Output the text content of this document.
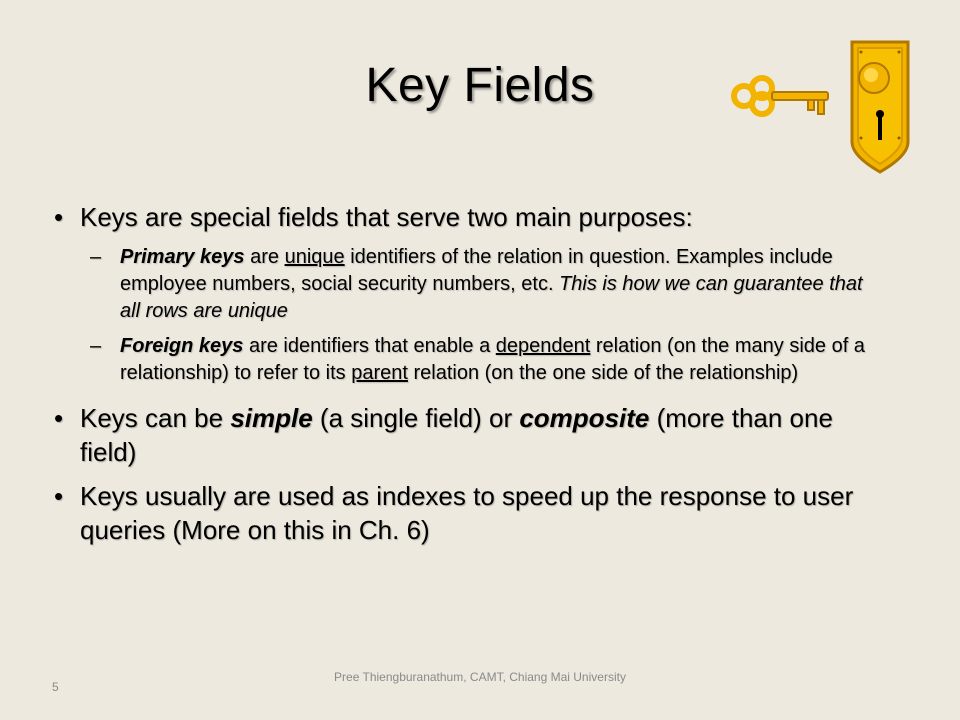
Key Fields
• Keys are special fields that serve two main purposes:
– Primary keys are unique identifiers of the relation in question. Examples include employee numbers, social security numbers, etc. This is how we can guarantee that all rows are unique
– Foreign keys are identifiers that enable a dependent relation (on the many side of a relationship) to refer to its parent relation (on the one side of the relationship)
• Keys can be simple (a single field) or composite (more than one field)
• Keys usually are used as indexes to speed up the response to user queries (More on this in Ch. 6)
5
Pree Thiengburanathum, CAMT, Chiang Mai University
